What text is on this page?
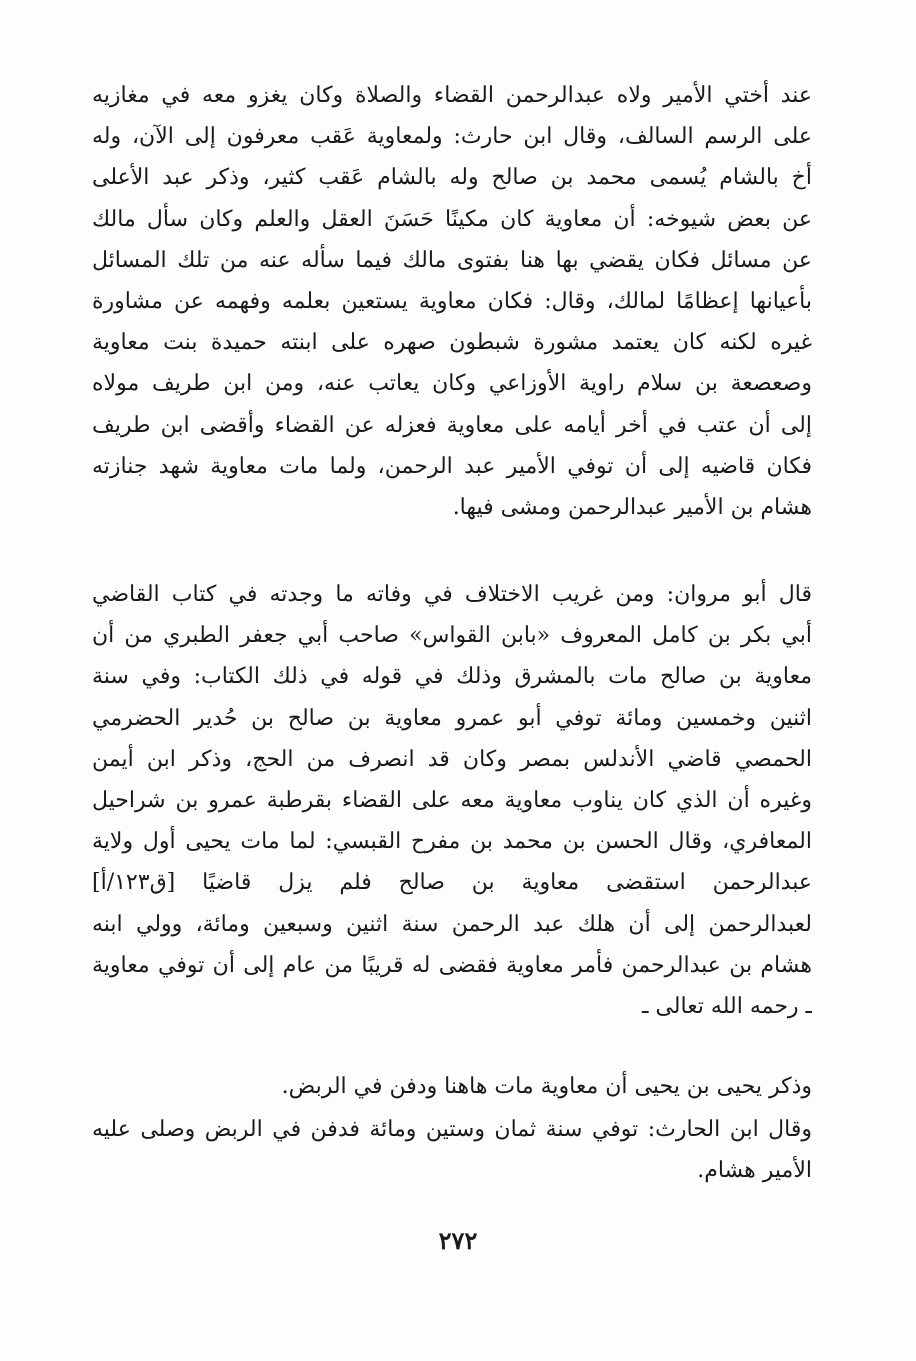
عند أختي الأمير ولاه عبدالرحمن القضاء والصلاة وكان يغزو معه في مغازيه
على الرسم السالف، وقال ابن حارث: ولمعاوية عَقب معرفون إلى الآن، وله
أخ بالشام يُسمى محمد بن صالح وله بالشام عَقب كثير، وذكر عبد الأعلى
عن بعض شيوخه: أن معاوية كان مكينًا حَسَنَ العقل والعلم وكان سأل مالك
عن مسائل فكان يقضي بها هنا بفتوى مالك فيما سأله عنه من تلك المسائل
بأعيانها إعظامًا لمالك، وقال: فكان معاوية يستعين بعلمه وفهمه عن مشاورة
غيره لكنه كان يعتمد مشورة شبطون صهره على ابنته حميدة بنت معاوية
وصعصعة بن سلام راوية الأوزاعي وكان يعاتب عنه، ومن ابن طريف مولاه
إلى أن عتب في أخر أيامه على معاوية فعزله عن القضاء وأقضى ابن طريف
فكان قاضيه إلى أن توفي الأمير عبد الرحمن، ولما مات معاوية شهد جنازته
هشام بن الأمير عبدالرحمن ومشى فيها.
قال أبو مروان: ومن غريب الاختلاف في وفاته ما وجدته في كتاب القاضي
أبي بكر بن كامل المعروف «بابن القواس» صاحب أبي جعفر الطبري من أن
معاوية بن صالح مات بالمشرق وذلك في قوله في ذلك الكتاب: وفي سنة
اثنين وخمسين ومائة توفي أبو عمرو معاوية بن صالح بن حُدير الحضرمي
الحمصي قاضي الأندلس بمصر وكان قد انصرف من الحج، وذكر ابن أيمن
وغيره أن الذي كان يناوب معاوية معه على القضاء بقرطبة عمرو بن شراحيل
المعافري، وقال الحسن بن محمد بن مفرح القبسي: لما مات يحيى أول ولاية
عبدالرحمن استقضى معاوية بن صالح فلم يزل قاضيًا [ق١٢٣/أ]
لعبدالرحمن إلى أن هلك عبد الرحمن سنة اثنين وسبعين ومائة، وولي ابنه
هشام بن عبدالرحمن فأمر معاوية فقضى له قريبًا من عام إلى أن توفي معاوية
ـ رحمه الله تعالى ـ
وذكر يحيى بن يحيى أن معاوية مات هاهنا ودفن في الربض.
وقال ابن الحارث: توفي سنة ثمان وستين ومائة فدفن في الربض وصلى عليه
الأمير هشام.
٢٧٢
